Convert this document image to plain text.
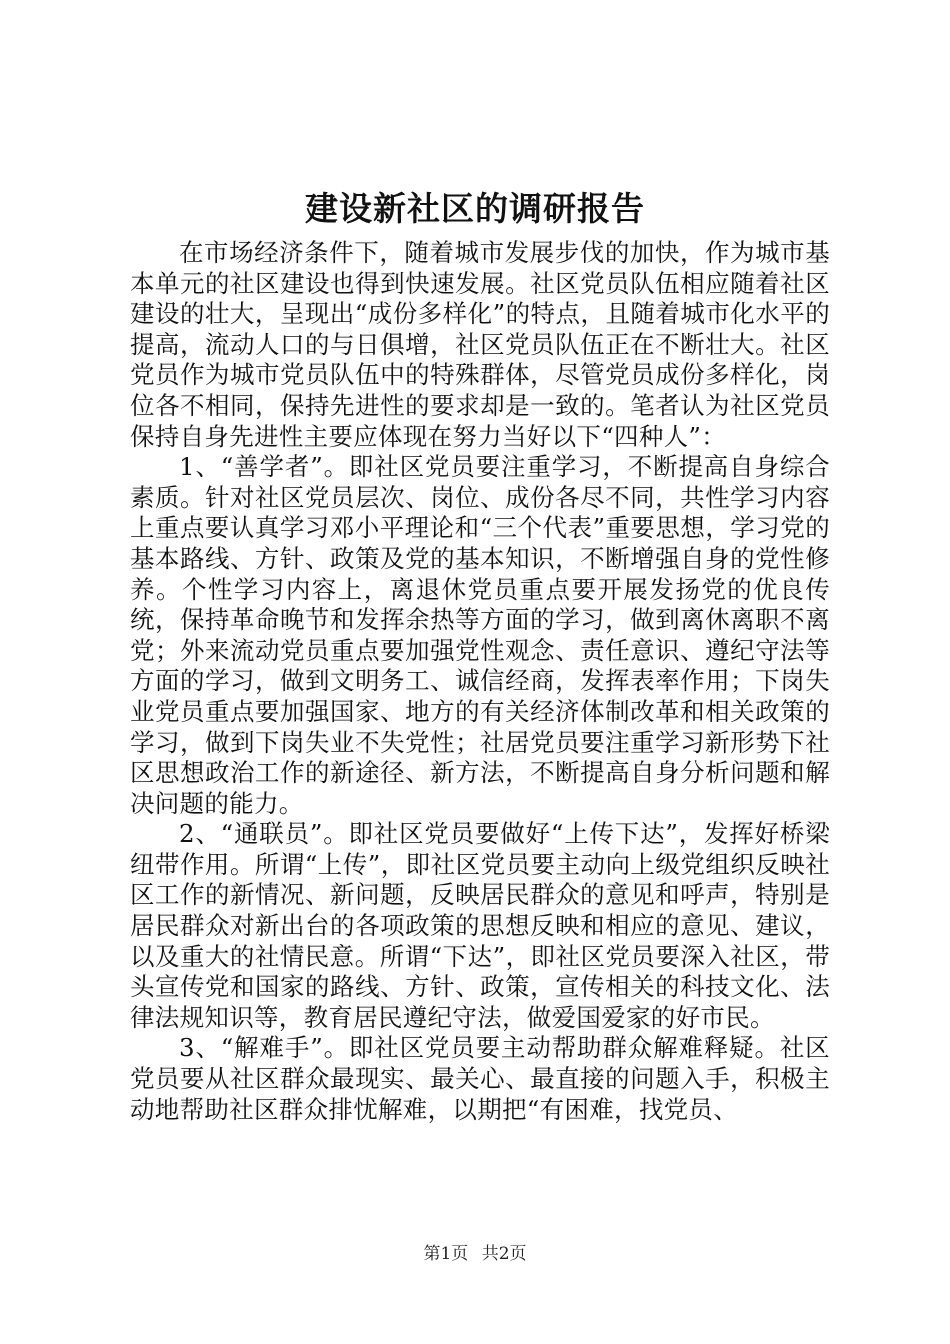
建设新社区的调研报告

在市场经济条件下，随着城市发展步伐的加快，作为城市基本单元的社区建设也得到快速发展。社区党员队伍相应随着社区建设的壮大，呈现出“成份多样化”的特点，且随着城市化水平的提高，流动人口的与日俱增，社区党员队伍正在不断壮大。社区党员作为城市党员队伍中的特殊群体，尽管党员成份多样化，岗位各不相同，保持先进性的要求却是一致的。笔者认为社区党员保持自身先进性主要应体现在努力当好以下“四种人”：

1、“善学者”。即社区党员要注重学习，不断提高自身综合素质。针对社区党员层次、岗位、成份各尽不同，共性学习内容上重点要认真学习邓小平理论和“三个代表”重要思想，学习党的基本路线、方针、政策及党的基本知识，不断增强自身的党性修养。个性学习内容上，离退休党员重点要开展发扬党的优良传统，保持革命晚节和发挥余热等方面的学习，做到离休离职不离党；外来流动党员重点要加强党性观念、责任意识、遵纪守法等方面的学习，做到文明务工、诚信经商，发挥表率作用；下岗失业党员重点要加强国家、地方的有关经济体制改革和相关政策的学习，做到下岗失业不失党性；社居党员要注重学习新形势下社区思想政治工作的新途径、新方法，不断提高自身分析问题和解决问题的能力。

2、“通联员”。即社区党员要做好“上传下达”，发挥好桥梁纽带作用。所谓“上传”，即社区党员要主动向上级党组织反映社区工作的新情况、新问题，反映居民群众的意见和呼声，特别是居民群众对新出台的各项政策的思想反映和相应的意见、建议，以及重大的社情民意。所谓“下达”，即社区党员要深入社区，带头宣传党和国家的路线、方针、政策，宣传相关的科技文化、法律法规知识等，教育居民遵纪守法，做爱国爱家的好市民。

3、“解难手”。即社区党员要主动帮助群众解难释疑。社区党员要从社区群众最现实、最关心、最直接的问题入手，积极主动地帮助社区群众排忧解难，以期把“有困难，找党员、

第1页 共2页
